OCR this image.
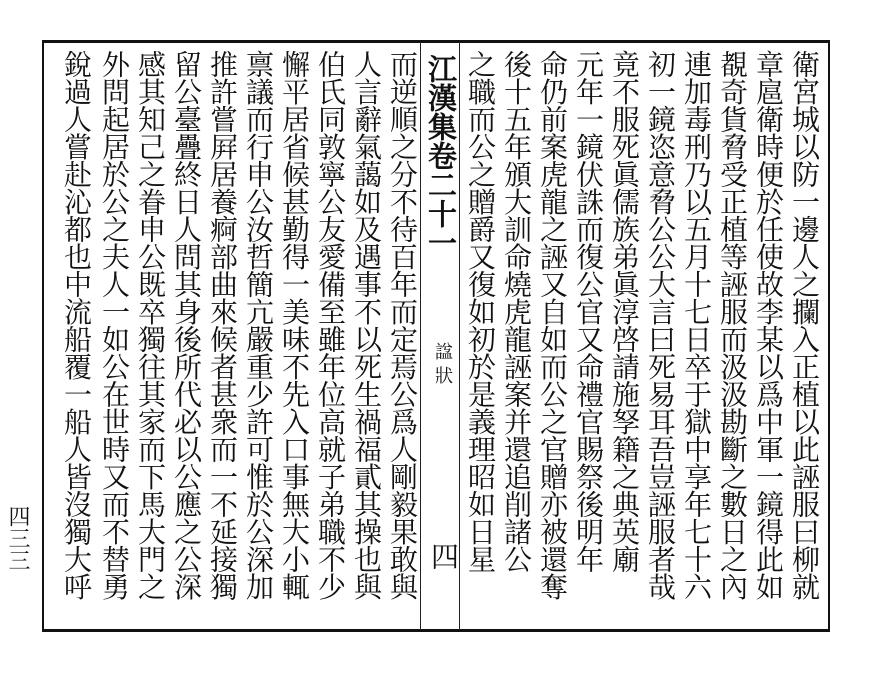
衛宮城以防一邊人之攔入正植以此誣服曰柳就
章扈衛時便於任使故李某以爲中軍一鏡得此如
覩奇貨脅受正植等誣服而汲汲勘斷之數日之內
連加毒刑乃以五月十七日卒于獄中享年七十六
初一鏡恣意脅公公大言曰死易耳吾豈誣服者哉
竟不服死眞儒族弟眞淳啓請施孥籍之典英廟
元年一鏡伏誅而復公官又命禮官賜祭後明年
命仍前案虎龍之誣又自如而公之官贈亦被還奪
後十五年頒大訓命燒虎龍誣案并還追削諸公
之職而公之贈爵又復如初於是義理昭如日星
江漢集卷二十一
諡狀
四
而逆順之分不待百年而定焉公爲人剛毅果敢與
人言辭氣藹如及遇事不以死生禍福貳其操也與
伯氏同敦寧公友愛備至雖年位高就子弟職不少
懈平居省候甚勤得一美味不先入口事無大小輒
禀議而行申公汝哲簡亢嚴重少許可惟於公深加
推許嘗屛居養痾部曲來候者甚衆而一不延接獨
留公臺疊終日人問其身後所代必以公應之公深
感其知己之眷申公既卒獨往其家而下馬大門之
外問起居於公之夫人一如公在世時又而不替勇
銳過人嘗赴沁都也中流船覆一船人皆沒獨大呼
四三三
